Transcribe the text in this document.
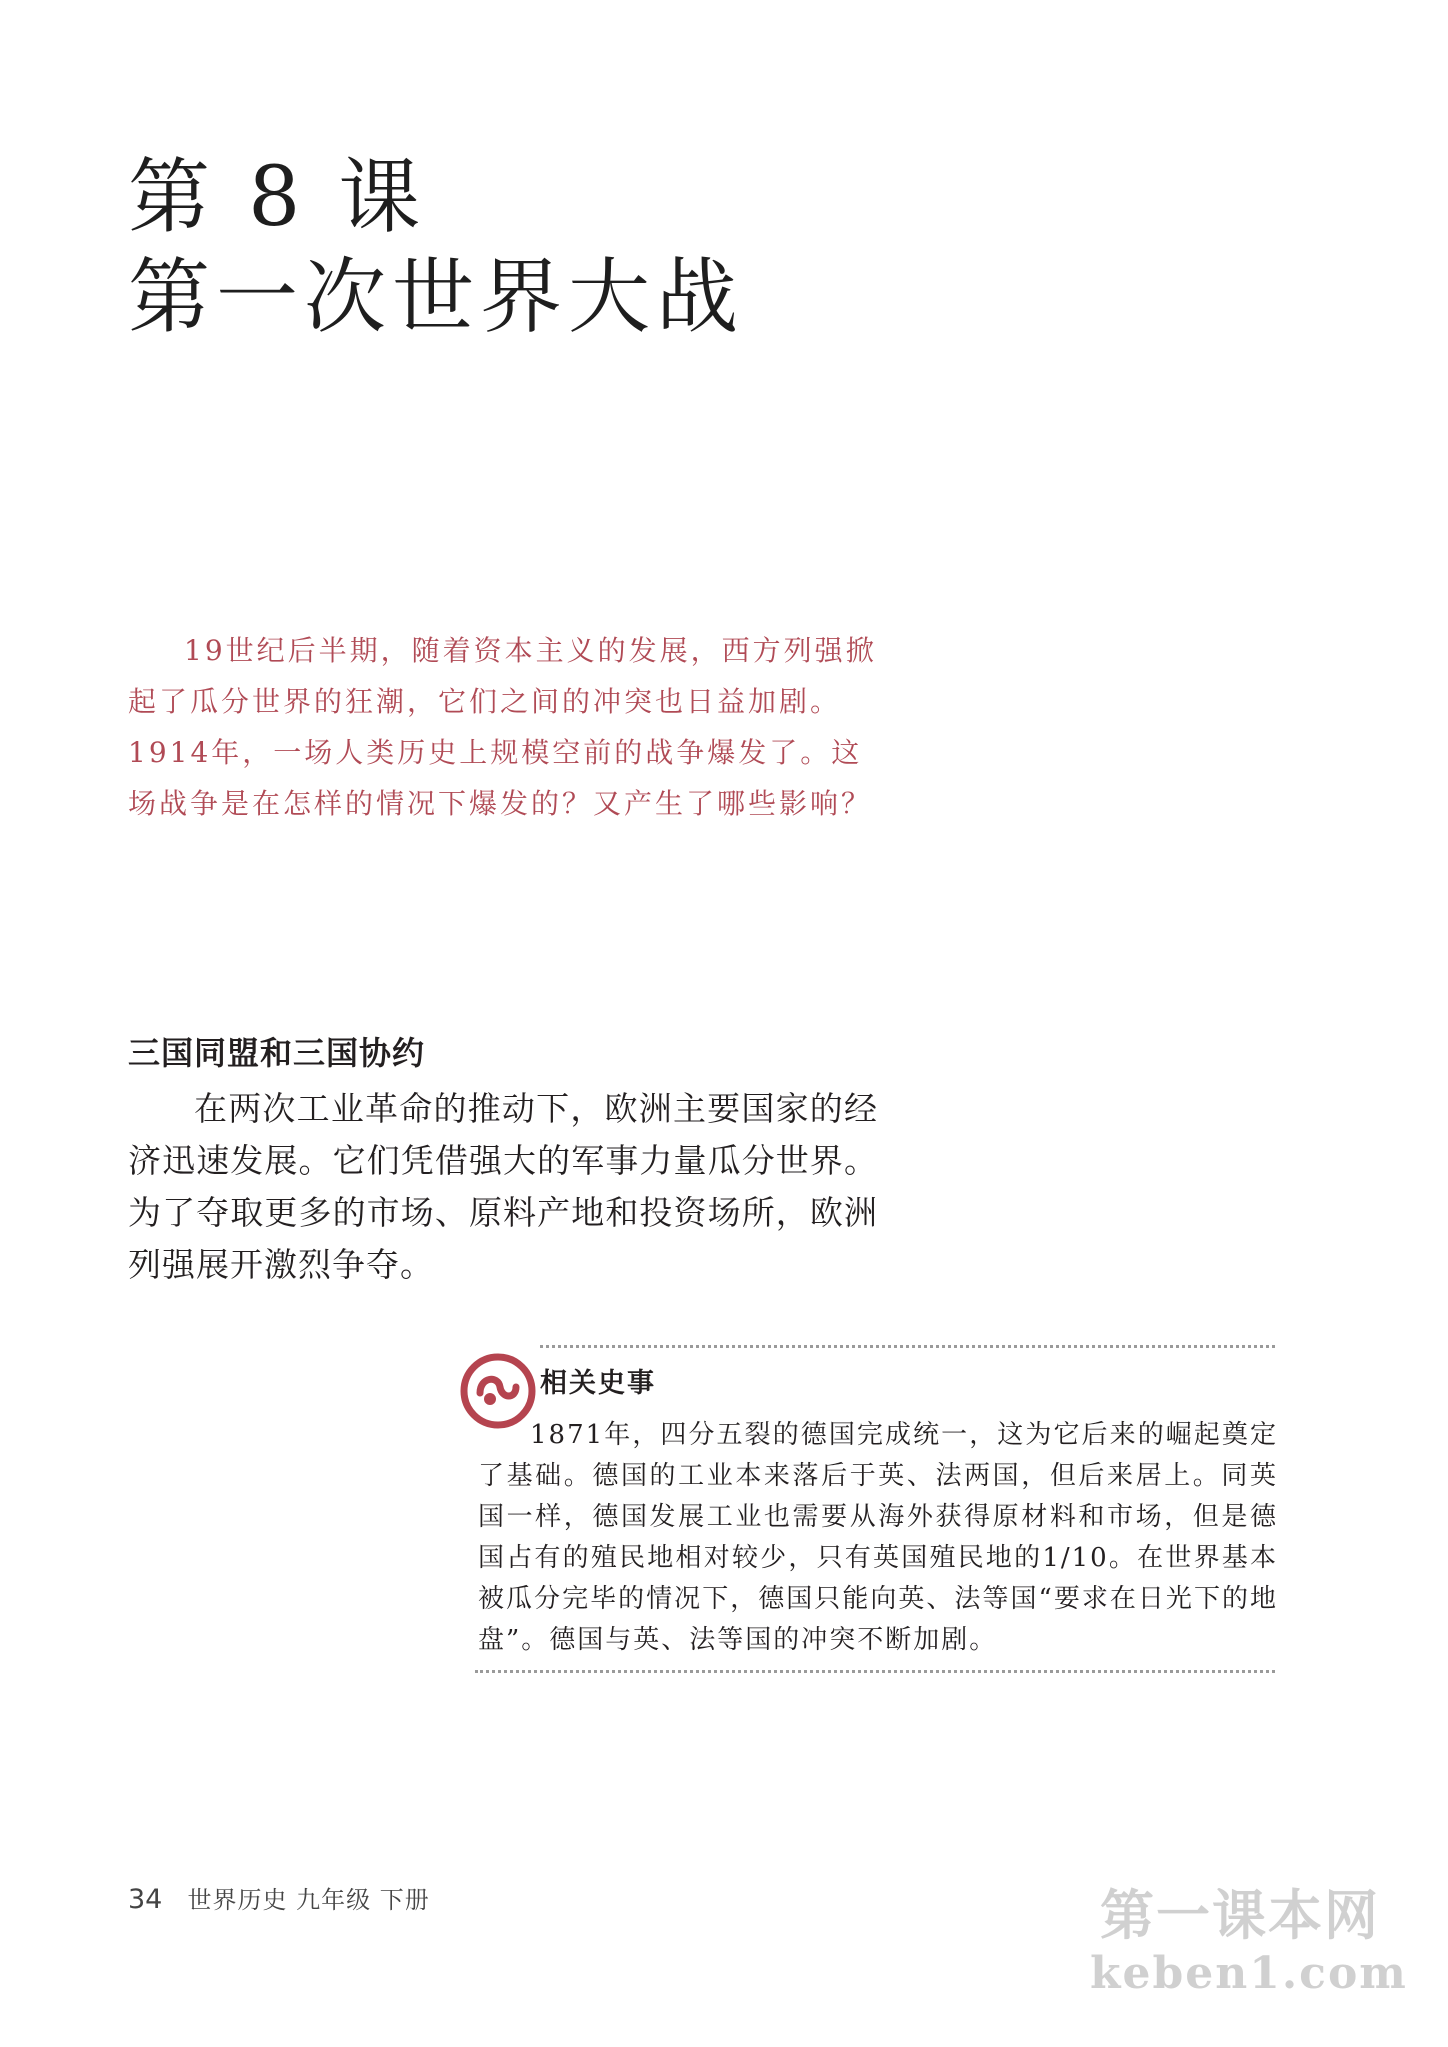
第 8 课
第一次世界大战

19世纪后半期，随着资本主义的发展，西方列强掀起了瓜分世界的狂潮，它们之间的冲突也日益加剧。1914年，一场人类历史上规模空前的战争爆发了。这场战争是在怎样的情况下爆发的？又产生了哪些影响？

三国同盟和三国协约

在两次工业革命的推动下，欧洲主要国家的经济迅速发展。它们凭借强大的军事力量瓜分世界。为了夺取更多的市场、原料产地和投资场所，欧洲列强展开激烈争夺。

相关史事

1871年，四分五裂的德国完成统一，这为它后来的崛起奠定了基础。德国的工业本来落后于英、法两国，但后来居上。同英国一样，德国发展工业也需要从海外获得原材料和市场，但是德国占有的殖民地相对较少，只有英国殖民地的1/10。在世界基本被瓜分完毕的情况下，德国只能向英、法等国“要求在日光下的地盘”。德国与英、法等国的冲突不断加剧。

34 世界历史 九年级 下册	第一课本网
keben1.com
